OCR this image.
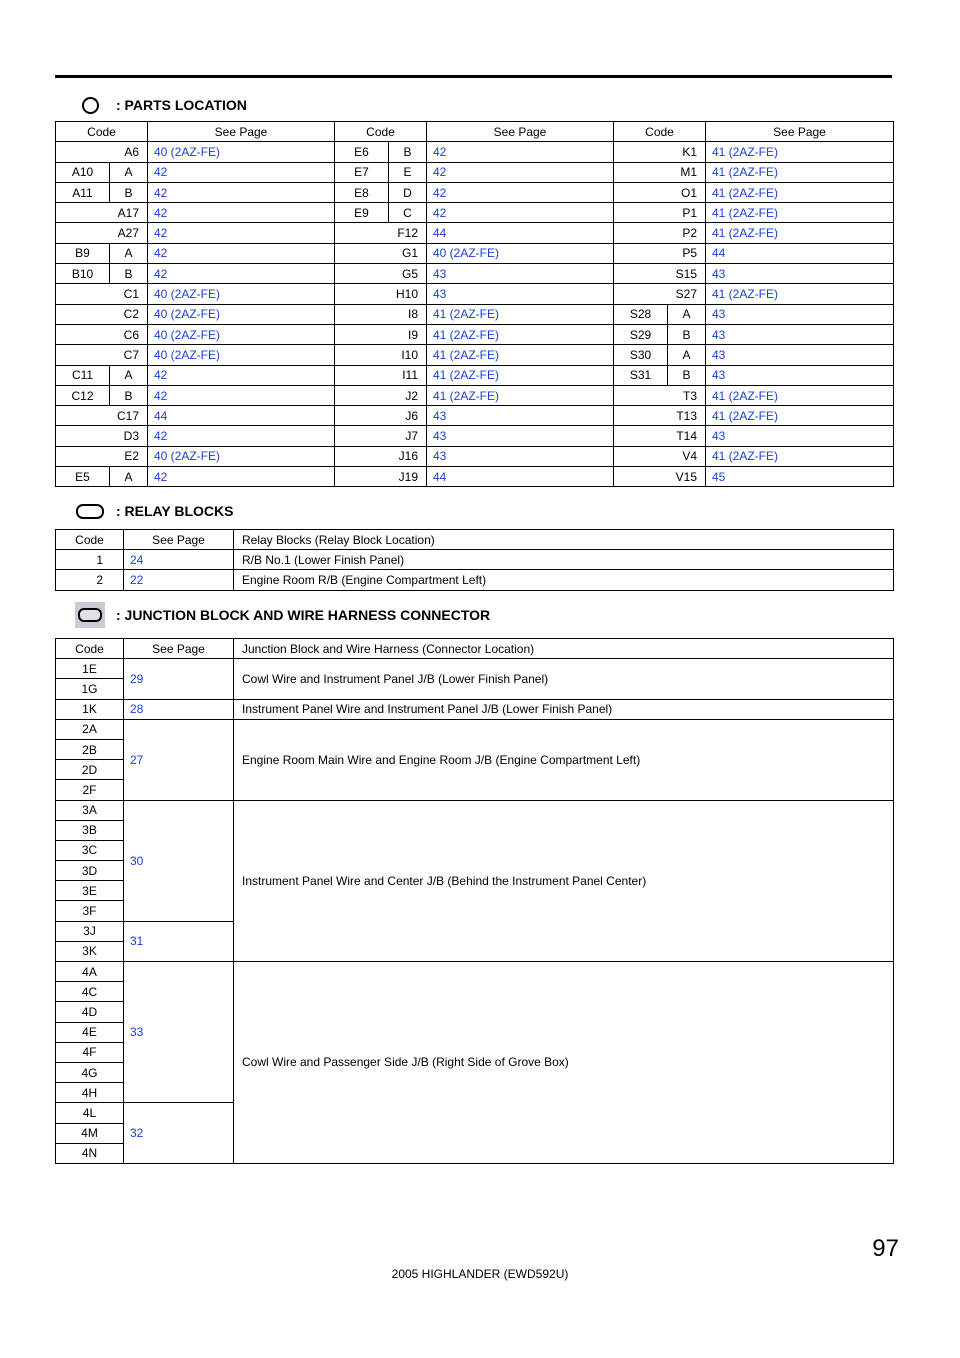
: PARTS LOCATION
Code		See Page	Code		See Page	Code		See Page
A6		40 (2AZ-FE)	E6	B	42	K1		41 (2AZ-FE)
A10	A	42	E7	E	42	M1		41 (2AZ-FE)
A11	B	42	E8	D	42	O1		41 (2AZ-FE)
A17		42	E9	C	42	P1		41 (2AZ-FE)
A27		42	F12		44	P2		41 (2AZ-FE)
B9	A	42	G1		40 (2AZ-FE)	P5		44
B10	B	42	G5		43	S15		43
C1		40 (2AZ-FE)	H10		43	S27		41 (2AZ-FE)
C2		40 (2AZ-FE)	I8		41 (2AZ-FE)	S28	A	43
C6		40 (2AZ-FE)	I9		41 (2AZ-FE)	S29	B	43
C7		40 (2AZ-FE)	I10		41 (2AZ-FE)	S30	A	43
C11	A	42	I11		41 (2AZ-FE)	S31	B	43
C12	B	42	J2		41 (2AZ-FE)	T3		41 (2AZ-FE)
C17		44	J6		43	T13		41 (2AZ-FE)
D3		42	J7		43	T14		43
E2		40 (2AZ-FE)	J16		43	V4		41 (2AZ-FE)
E5	A	42	J19		44	V15		45
: RELAY BLOCKS
Code	See Page	Relay Blocks (Relay Block Location)
1	24	R/B No.1 (Lower Finish Panel)
2	22	Engine Room R/B (Engine Compartment Left)
: JUNCTION BLOCK AND WIRE HARNESS CONNECTOR
Code	See Page	Junction Block and Wire Harness (Connector Location)
1E	29	Cowl Wire and Instrument Panel J/B (Lower Finish Panel)
1G		
1K	28	Instrument Panel Wire and Instrument Panel J/B (Lower Finish Panel)
2A	27	Engine Room Main Wire and Engine Room J/B (Engine Compartment Left)
2B		
2D		
2F		
3A	30	Instrument Panel Wire and Center J/B (Behind the Instrument Panel Center)
3B		
3C		
3D		
3E		
3F		
3J	31	
3K		
4A	33	Cowl Wire and Passenger Side J/B (Right Side of Grove Box)
4C		
4D		
4E		
4F		
4G		
4H		
4L	32	
4M		
4N		
97
2005 HIGHLANDER (EWD592U)
